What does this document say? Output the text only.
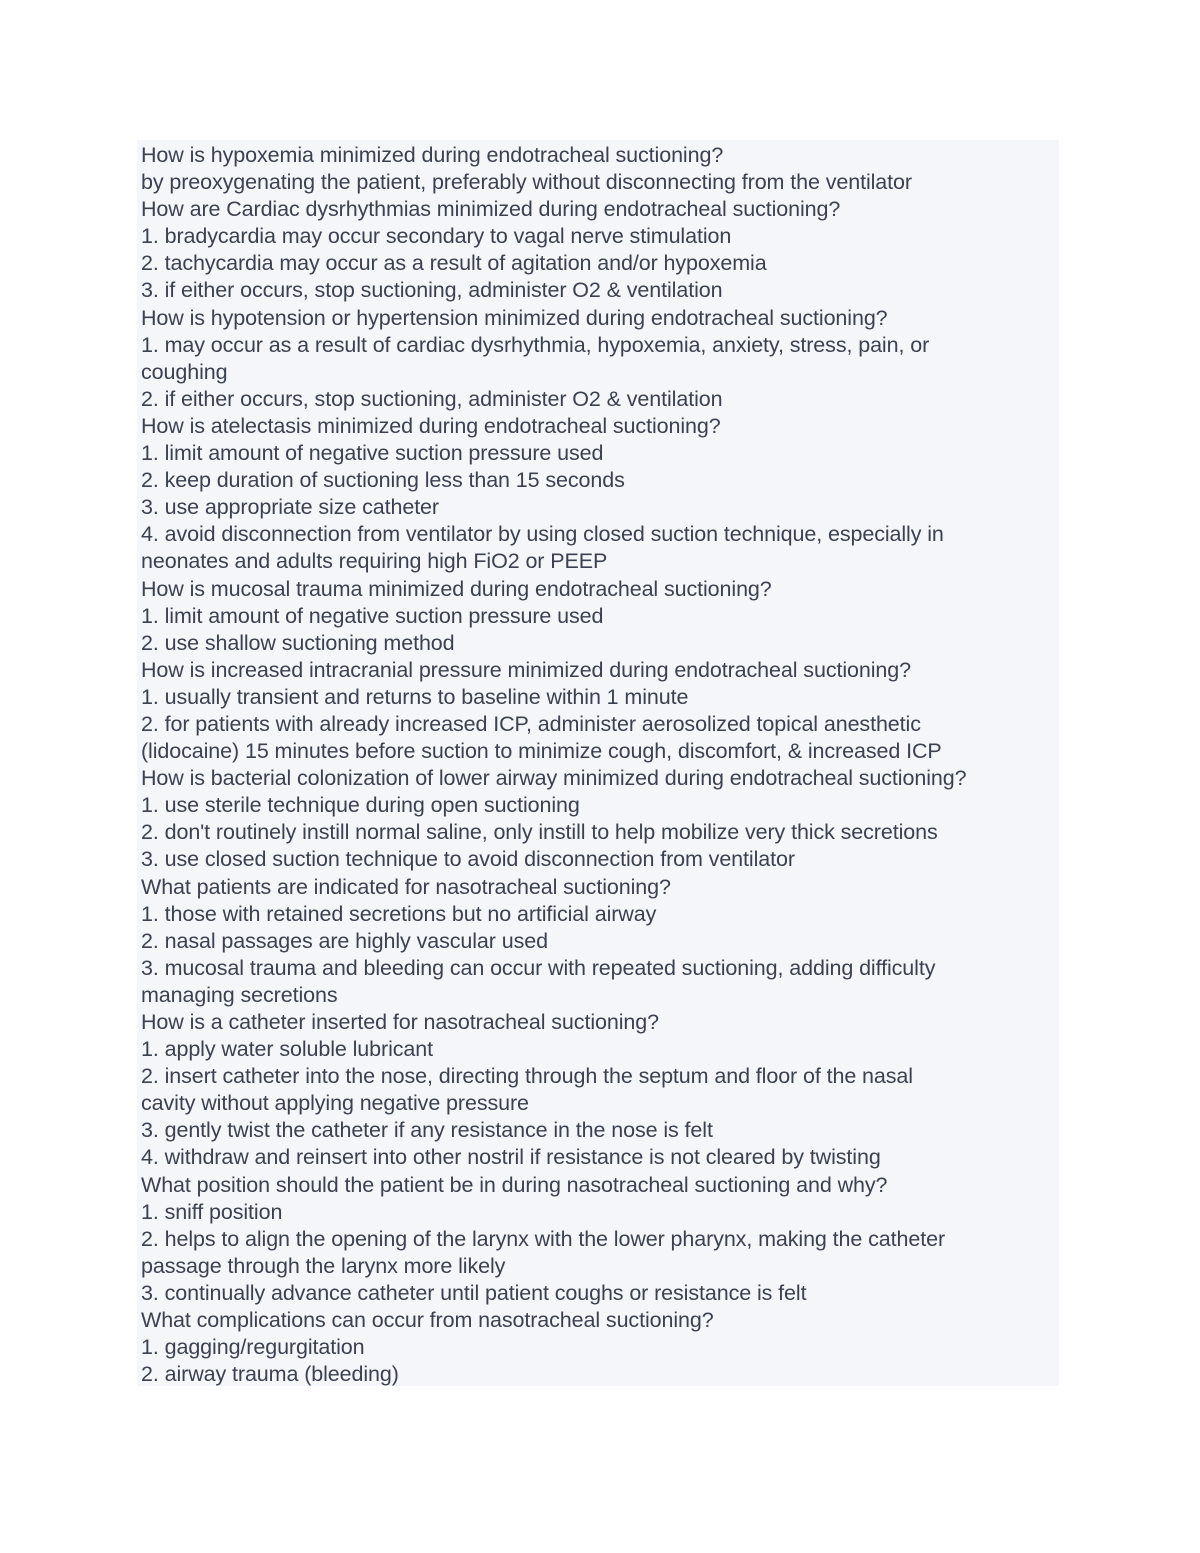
How is hypoxemia minimized during endotracheal suctioning?

by preoxygenating the patient, preferably without disconnecting from the ventilator

How are Cardiac dysrhythmias minimized during endotracheal suctioning?

1. bradycardia may occur secondary to vagal nerve stimulation

2. tachycardia may occur as a result of agitation and/or hypoxemia

3. if either occurs, stop suctioning, administer O2 & ventilation

How is hypotension or hypertension minimized during endotracheal suctioning?

1. may occur as a result of cardiac dysrhythmia, hypoxemia, anxiety, stress, pain, or

coughing

2. if either occurs, stop suctioning, administer O2 & ventilation

How is atelectasis minimized during endotracheal suctioning?

1. limit amount of negative suction pressure used

2. keep duration of suctioning less than 15 seconds

3. use appropriate size catheter

4. avoid disconnection from ventilator by using closed suction technique, especially in

neonates and adults requiring high FiO2 or PEEP

How is mucosal trauma minimized during endotracheal suctioning?

1. limit amount of negative suction pressure used

2. use shallow suctioning method

How is increased intracranial pressure minimized during endotracheal suctioning?

1. usually transient and returns to baseline within 1 minute

2. for patients with already increased ICP, administer aerosolized topical anesthetic

(lidocaine) 15 minutes before suction to minimize cough, discomfort, & increased ICP

How is bacterial colonization of lower airway minimized during endotracheal suctioning?

1. use sterile technique during open suctioning

2. don't routinely instill normal saline, only instill to help mobilize very thick secretions

3. use closed suction technique to avoid disconnection from ventilator

What patients are indicated for nasotracheal suctioning?

1. those with retained secretions but no artificial airway

2. nasal passages are highly vascular used

3. mucosal trauma and bleeding can occur with repeated suctioning, adding difficulty

managing secretions

How is a catheter inserted for nasotracheal suctioning?

1. apply water soluble lubricant

2. insert catheter into the nose, directing through the septum and floor of the nasal

cavity without applying negative pressure

3. gently twist the catheter if any resistance in the nose is felt

4. withdraw and reinsert into other nostril if resistance is not cleared by twisting

What position should the patient be in during nasotracheal suctioning and why?

1. sniff position

2. helps to align the opening of the larynx with the lower pharynx, making the catheter

passage through the larynx more likely

3. continually advance catheter until patient coughs or resistance is felt

What complications can occur from nasotracheal suctioning?

1. gagging/regurgitation

2. airway trauma (bleeding)
